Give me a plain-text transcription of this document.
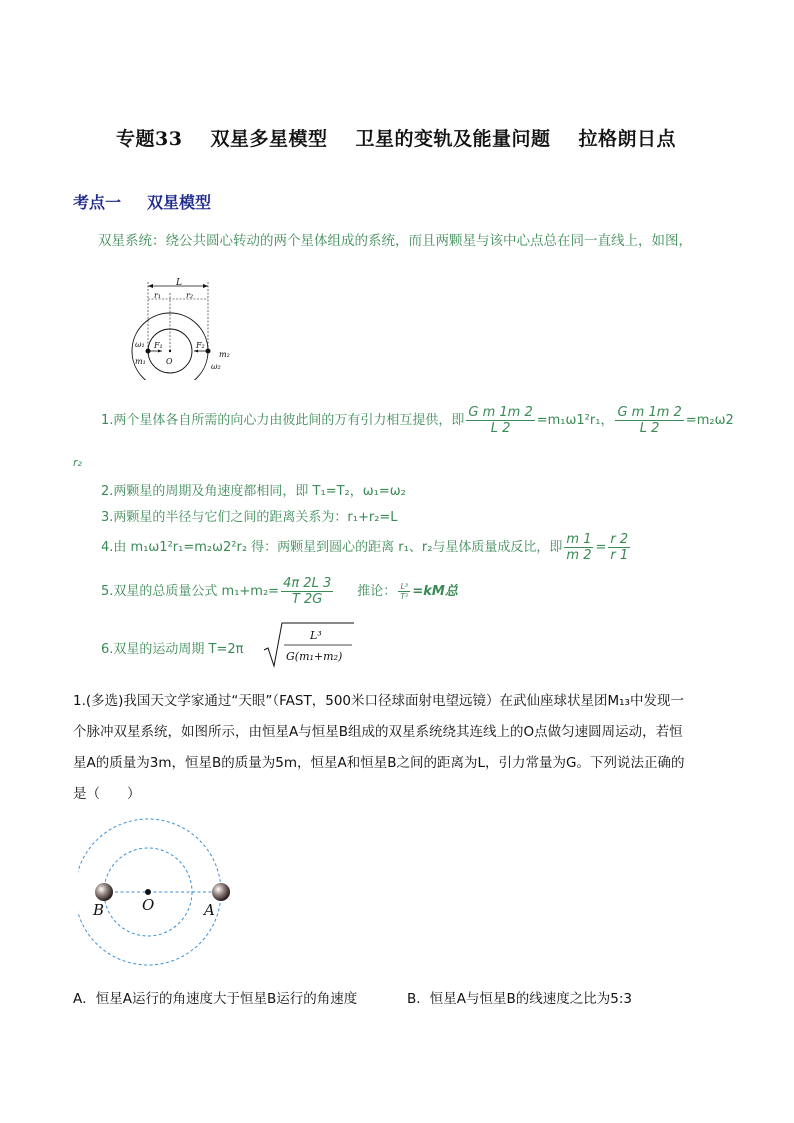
专题33 双星多星模型 卫星的变轨及能量问题 拉格朗日点
考点一 双星模型
双星系统：绕公共圆心转动的两个星体组成的系统，而且两颗星与该中心点总在同一直线上，如图，
L
r₁	r₂
F₁	F₂
O
ω₁
m₁
m₂
ω₂
1.两个星体各自所需的向心力由彼此间的万有引力相互提供，即 $\frac{\text{G m 1m 2}}{L 2} =m_1\omega 1^2r_1$， $\frac{\text{G m 1m 2}}{L 2} =m_2\omega 2$
r₂
2.两颗星的周期及角速度都相同，即 T₁=T₂，ω₁=ω₂
3.两颗星的半径与它们之间的距离关系为：r₁+r₂=L
4.由 m₁ω1²r₁=m₂ω2²r₂ 得：两颗星到圆心的距离 r₁、r₂与星体质量成反比，即 $\frac{m 1}{m 2} = \frac{r 2}{r 1}$
5.双星的总质量公式 $m_1+m_2= \frac{4\pi 2L 3}{T 2G}$ 推论： $\frac{\text{L³}}{\text{T²}} =kM$总
6.双星的运动周期 T=2π
L³
G(m₁+m₂)
1.(多选)我国天文学家通过“天眼”（FAST，500米口径球面射电望远镜）在武仙座球状星团M₁₃中发现一
个脉冲双星系统，如图所示，由恒星A与恒星B组成的双星系统绕其连线上的O点做匀速圆周运动，若恒
星A的质量为3m，恒星B的质量为5m，恒星A和恒星B之间的距离为L，引力常量为G。下列说法正确的
是（　　）
B	O	A
A．恒星A运行的角速度大于恒星B运行的角速度	B．恒星A与恒星B的线速度之比为5:3
